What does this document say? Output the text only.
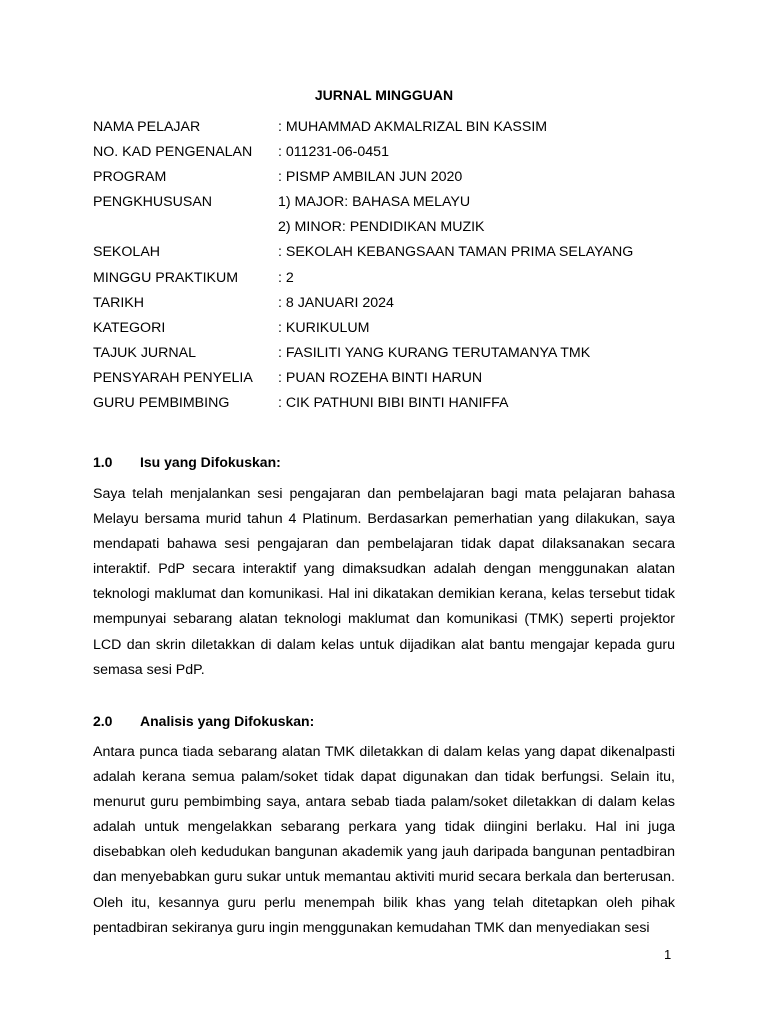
JURNAL MINGGUAN
NAMA PELAJAR	: MUHAMMAD AKMALRIZAL BIN KASSIM
NO. KAD PENGENALAN : 011231-06-0451
PROGRAM	: PISMP AMBILAN JUN 2020
PENGKHUSUSAN	1) MAJOR: BAHASA MELAYU
2) MINOR: PENDIDIKAN MUZIK
SEKOLAH	: SEKOLAH KEBANGSAAN TAMAN PRIMA SELAYANG
MINGGU PRAKTIKUM	: 2
TARIKH	: 8 JANUARI 2024
KATEGORI	: KURIKULUM
TAJUK JURNAL	: FASILITI YANG KURANG TERUTAMANYA TMK
PENSYARAH PENYELIA : PUAN ROZEHA BINTI HARUN
GURU PEMBIMBING	: CIK PATHUNI BIBI BINTI HANIFFA
1.0 Isu yang Difokuskan:
Saya telah menjalankan sesi pengajaran dan pembelajaran bagi mata pelajaran bahasa Melayu bersama murid tahun 4 Platinum. Berdasarkan pemerhatian yang dilakukan, saya mendapati bahawa sesi pengajaran dan pembelajaran tidak dapat dilaksanakan secara interaktif. PdP secara interaktif yang dimaksudkan adalah dengan menggunakan alatan teknologi maklumat dan komunikasi. Hal ini dikatakan demikian kerana, kelas tersebut tidak mempunyai sebarang alatan teknologi maklumat dan komunikasi (TMK) seperti projektor LCD dan skrin diletakkan di dalam kelas untuk dijadikan alat bantu mengajar kepada guru semasa sesi PdP.
2.0 Analisis yang Difokuskan:
Antara punca tiada sebarang alatan TMK diletakkan di dalam kelas yang dapat dikenalpasti adalah kerana semua palam/soket tidak dapat digunakan dan tidak berfungsi. Selain itu, menurut guru pembimbing saya, antara sebab tiada palam/soket diletakkan di dalam kelas adalah untuk mengelakkan sebarang perkara yang tidak diingini berlaku. Hal ini juga disebabkan oleh kedudukan bangunan akademik yang jauh daripada bangunan pentadbiran dan menyebabkan guru sukar untuk memantau aktiviti murid secara berkala dan berterusan. Oleh itu, kesannya guru perlu menempah bilik khas yang telah ditetapkan oleh pihak pentadbiran sekiranya guru ingin menggunakan kemudahan TMK dan menyediakan sesi
1
